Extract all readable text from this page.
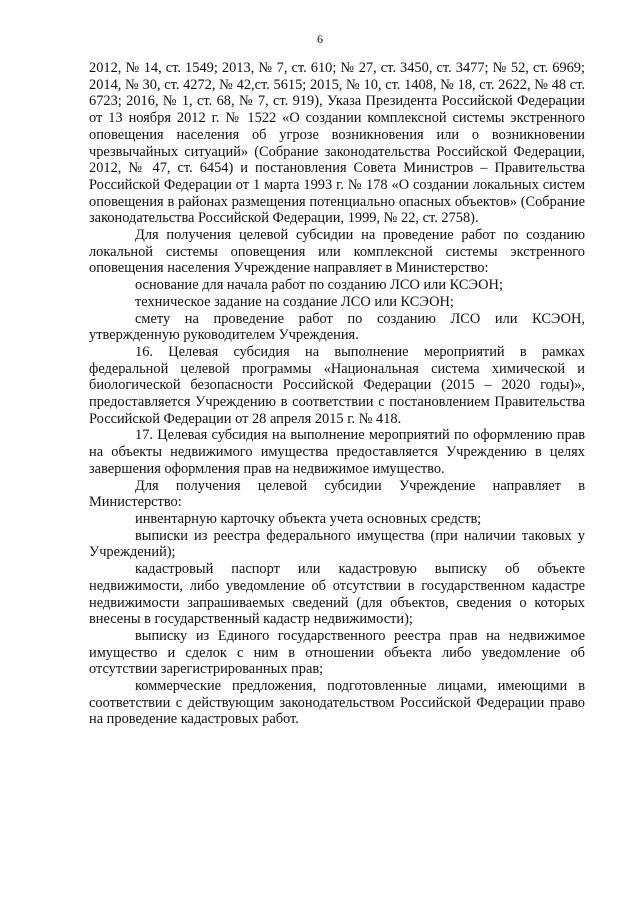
6

2012, № 14, ст. 1549; 2013, № 7, ст. 610; № 27, ст. 3450, ст. 3477; № 52, ст. 6969; 2014, № 30, ст. 4272, № 42,ст. 5615; 2015, № 10, ст. 1408, № 18, ст. 2622, № 48 ст. 6723; 2016, № 1, ст. 68, № 7, ст. 919), Указа Президента Российской Федерации от 13 ноября 2012 г. № 1522 «О создании комплексной системы экстренного оповещения населения об угрозе возникновения или о возникновении чрезвычайных ситуаций» (Собрание законодательства Российской Федерации, 2012, № 47, ст. 6454) и постановления Совета Министров – Правительства Российской Федерации от 1 марта 1993 г. № 178 «О создании локальных систем оповещения в районах размещения потенциально опасных объектов» (Собрание законодательства Российской Федерации, 1999, № 22, ст. 2758).

Для получения целевой субсидии на проведение работ по созданию локальной системы оповещения или комплексной системы экстренного оповещения населения Учреждение направляет в Министерство:

основание для начала работ по созданию ЛСО или КСЭОН;

техническое задание на создание ЛСО или КСЭОН;

смету на проведение работ по созданию ЛСО или КСЭОН, утвержденную руководителем Учреждения.

16. Целевая субсидия на выполнение мероприятий в рамках федеральной целевой программы «Национальная система химической и биологической безопасности Российской Федерации (2015 – 2020 годы)», предоставляется Учреждению в соответствии с постановлением Правительства Российской Федерации от 28 апреля 2015 г. № 418.

17. Целевая субсидия на выполнение мероприятий по оформлению прав на объекты недвижимого имущества предоставляется Учреждению в целях завершения оформления прав на недвижимое имущество.

Для получения целевой субсидии Учреждение направляет в Министерство:

инвентарную карточку объекта учета основных средств;

выписки из реестра федерального имущества (при наличии таковых у Учреждений);

кадастровый паспорт или кадастровую выписку об объекте недвижимости, либо уведомление об отсутствии в государственном кадастре недвижимости запрашиваемых сведений (для объектов, сведения о которых внесены в государственный кадастр недвижимости);

выписку из Единого государственного реестра прав на недвижимое имущество и сделок с ним в отношении объекта либо уведомление об отсутствии зарегистрированных прав;

коммерческие предложения, подготовленные лицами, имеющими в соответствии с действующим законодательством Российской Федерации право на проведение кадастровых работ.
